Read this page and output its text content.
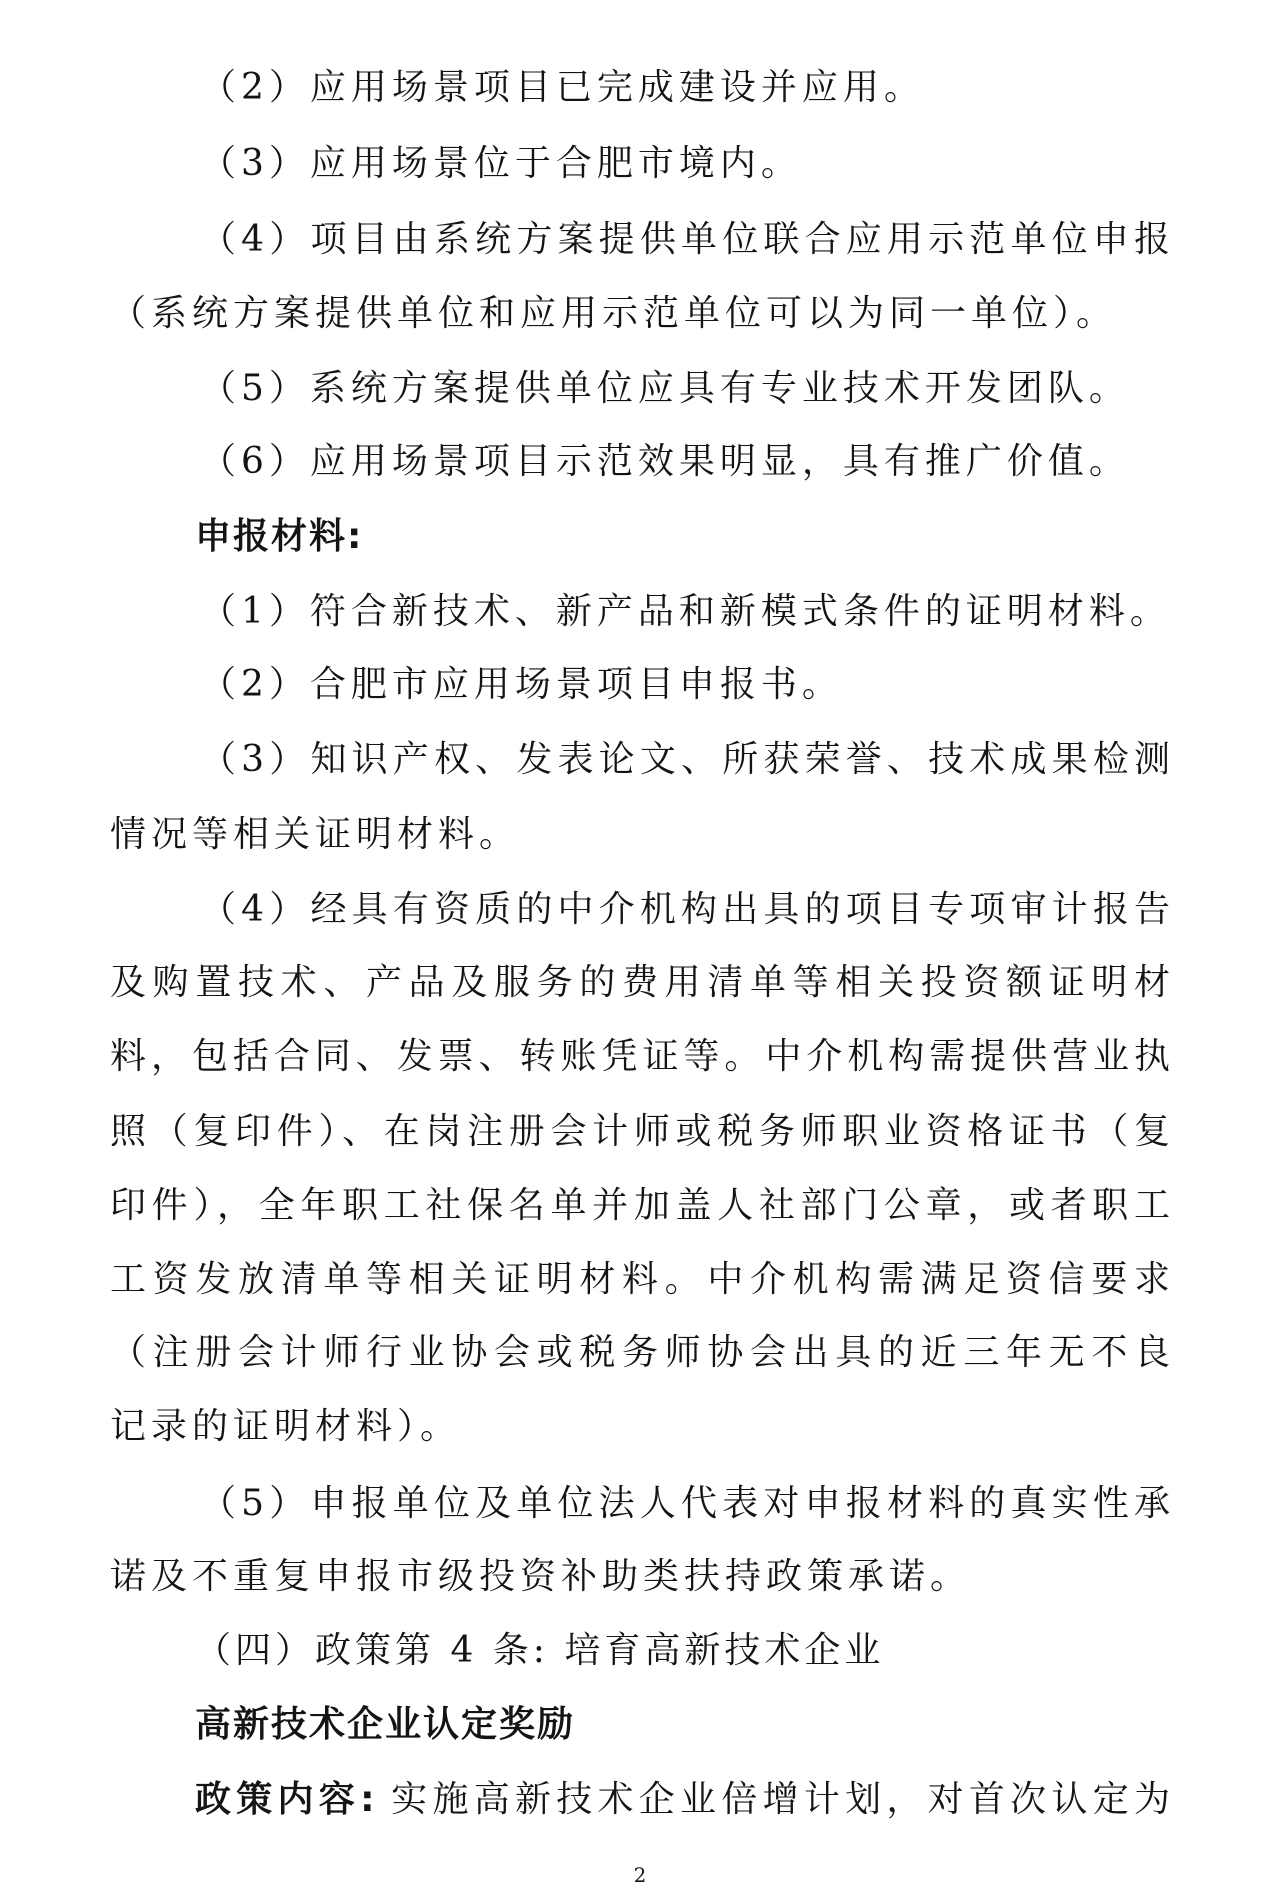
（2）应用场景项目已完成建设并应用。
（3）应用场景位于合肥市境内。
（4）项目由系统方案提供单位联合应用示范单位申报
（系统方案提供单位和应用示范单位可以为同一单位）。
（5）系统方案提供单位应具有专业技术开发团队。
（6）应用场景项目示范效果明显，具有推广价值。
申报材料:
（1）符合新技术、新产品和新模式条件的证明材料。
（2）合肥市应用场景项目申报书。
（3）知识产权、发表论文、所获荣誉、技术成果检测
情况等相关证明材料。
（4）经具有资质的中介机构出具的项目专项审计报告
及购置技术、产品及服务的费用清单等相关投资额证明材
料，包括合同、发票、转账凭证等。中介机构需提供营业执
照（复印件）、在岗注册会计师或税务师职业资格证书（复
印件），全年职工社保名单并加盖人社部门公章，或者职工
工资发放清单等相关证明材料。中介机构需满足资信要求
（注册会计师行业协会或税务师协会出具的近三年无不良
记录的证明材料）。
（5）申报单位及单位法人代表对申报材料的真实性承
诺及不重复申报市级投资补助类扶持政策承诺。
（四）政策第 4 条: 培育高新技术企业
高新技术企业认定奖励
政策内容: 实施高新技术企业倍增计划，对首次认定为
2
